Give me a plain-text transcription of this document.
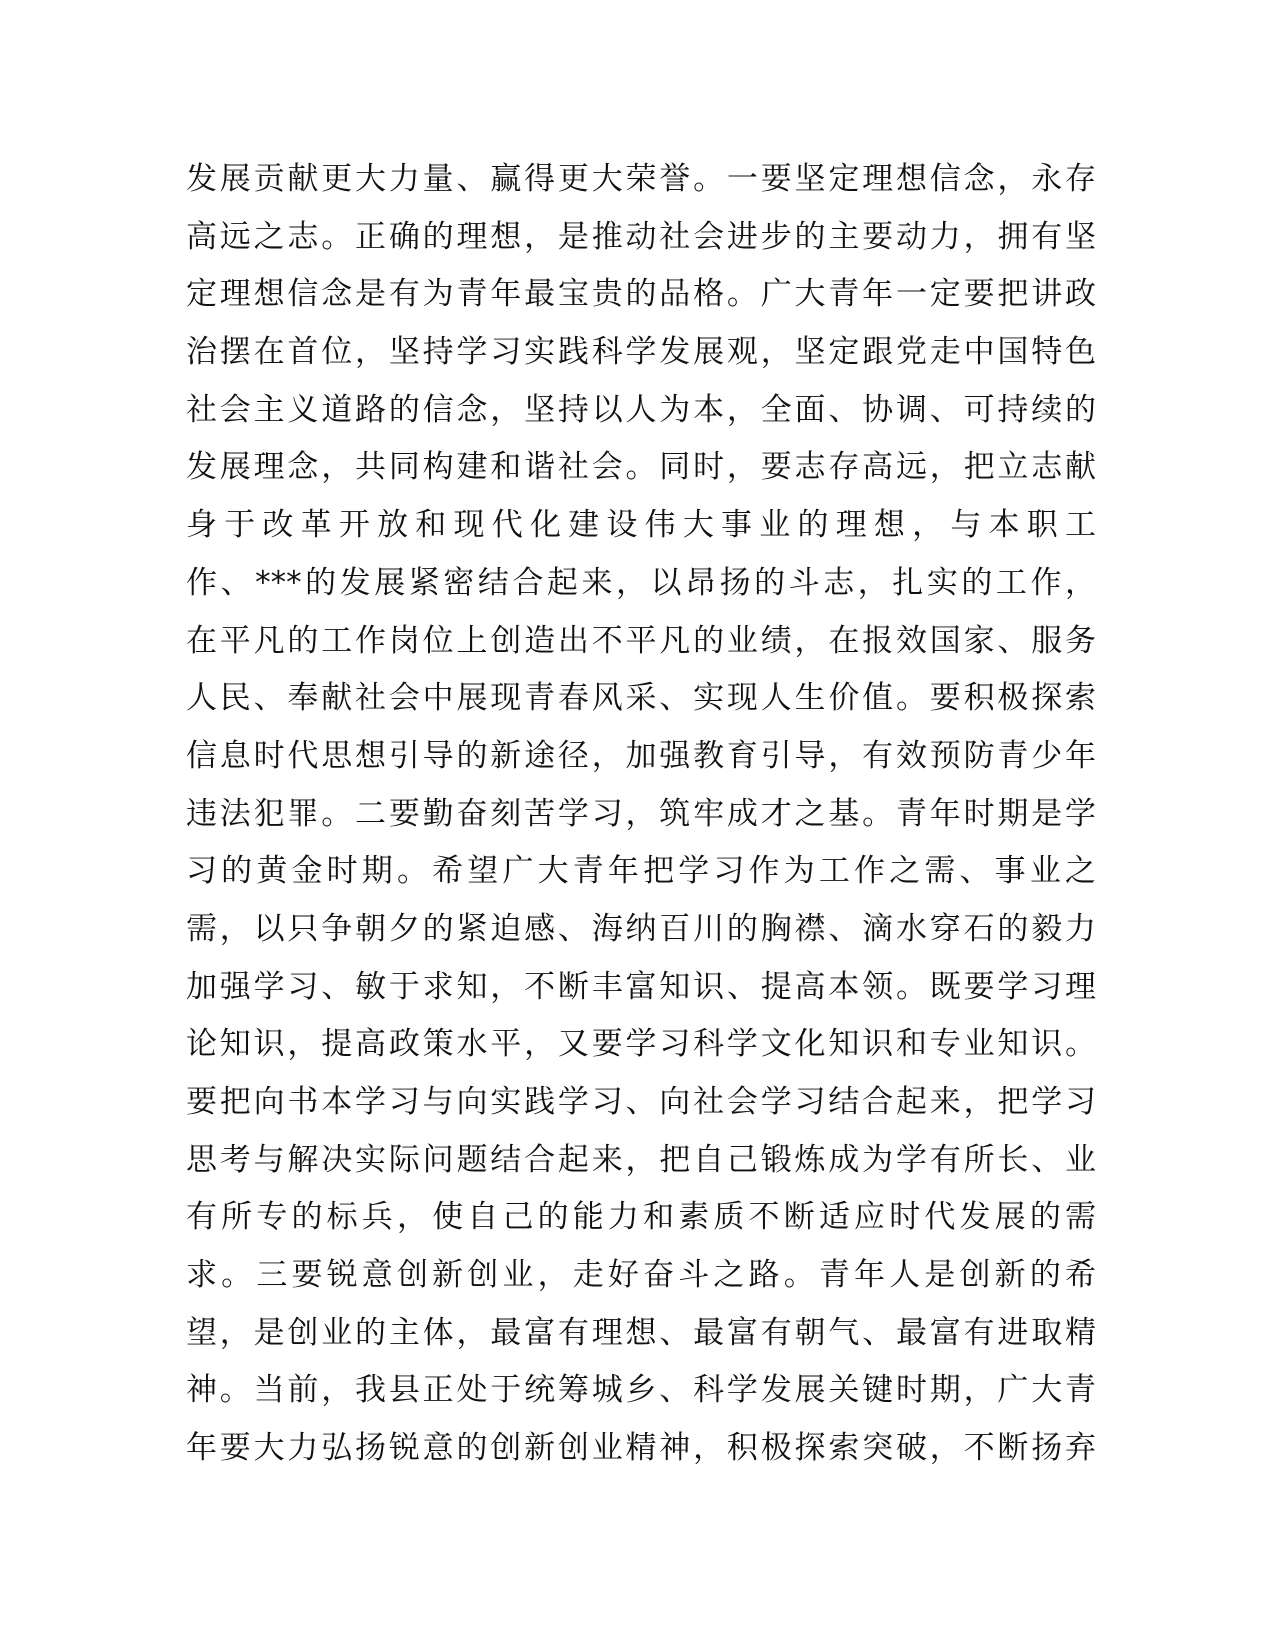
发展贡献更大力量、赢得更大荣誉。一要坚定理想信念，永存
高远之志。正确的理想，是推动社会进步的主要动力，拥有坚
定理想信念是有为青年最宝贵的品格。广大青年一定要把讲政
治摆在首位，坚持学习实践科学发展观，坚定跟党走中国特色
社会主义道路的信念，坚持以人为本，全面、协调、可持续的
发展理念，共同构建和谐社会。同时，要志存高远，把立志献
身于改革开放和现代化建设伟大事业的理想，与本职工
作、***的发展紧密结合起来，以昂扬的斗志，扎实的工作，
在平凡的工作岗位上创造出不平凡的业绩，在报效国家、服务
人民、奉献社会中展现青春风采、实现人生价值。要积极探索
信息时代思想引导的新途径，加强教育引导，有效预防青少年
违法犯罪。二要勤奋刻苦学习，筑牢成才之基。青年时期是学
习的黄金时期。希望广大青年把学习作为工作之需、事业之
需，以只争朝夕的紧迫感、海纳百川的胸襟、滴水穿石的毅力
加强学习、敏于求知，不断丰富知识、提高本领。既要学习理
论知识，提高政策水平，又要学习科学文化知识和专业知识。
要把向书本学习与向实践学习、向社会学习结合起来，把学习
思考与解决实际问题结合起来，把自己锻炼成为学有所长、业
有所专的标兵，使自己的能力和素质不断适应时代发展的需
求。三要锐意创新创业，走好奋斗之路。青年人是创新的希
望，是创业的主体，最富有理想、最富有朝气、最富有进取精
神。当前，我县正处于统筹城乡、科学发展关键时期，广大青
年要大力弘扬锐意的创新创业精神，积极探索突破，不断扬弃
